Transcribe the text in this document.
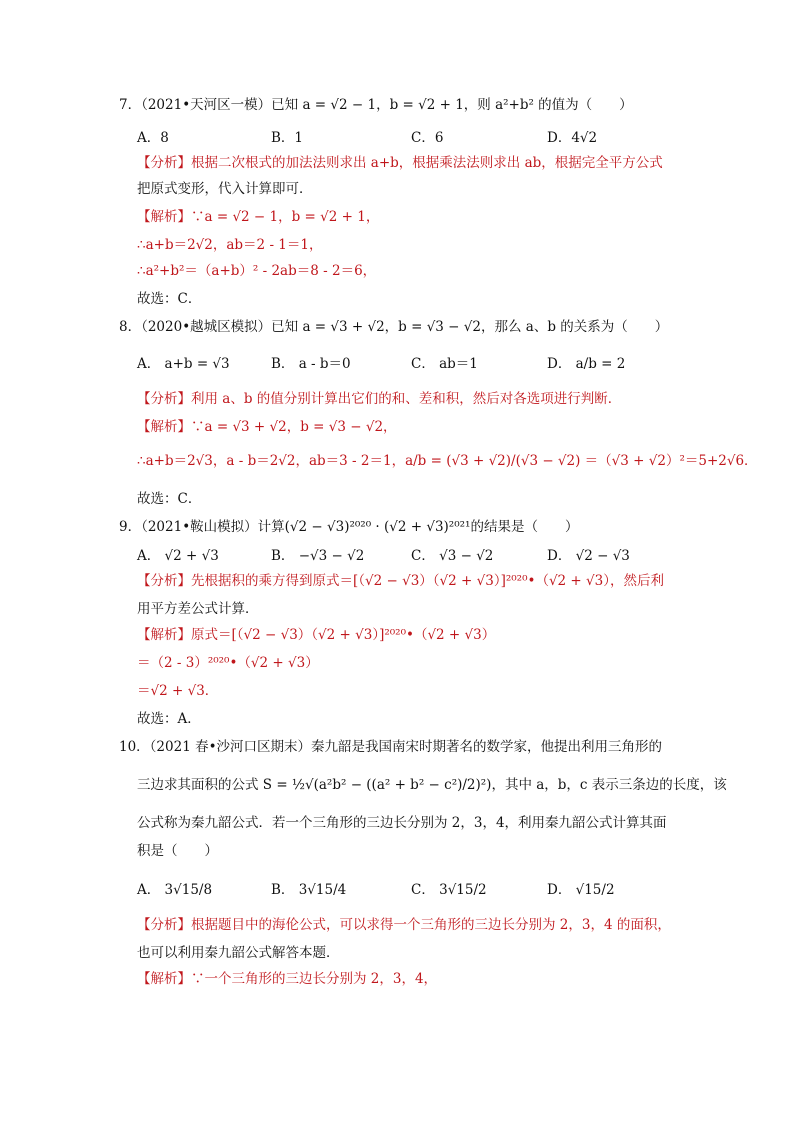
7．（2021•天河区一模）已知 a = √2 − 1，b = √2 + 1，则 a²+b² 的值为（　　）
A．8	B．1	C．6	D．4√2
【分析】根据二次根式的加法法则求出 a+b，根据乘法法则求出 ab，根据完全平方公式
把原式变形，代入计算即可．
【解析】∵a = √2 − 1，b = √2 + 1，
∴a+b＝2√2，ab＝2 - 1＝1，
∴a²+b²＝（a+b）² - 2ab＝8 - 2＝6，
故选：C．
8．（2020•越城区模拟）已知 a = √3 + √2，b = √3 − √2，那么 a、b 的关系为（　　）
A． a+b = √3	B． a - b＝0	C． ab＝1	D． a/b = 2
【分析】利用 a、b 的值分别计算出它们的和、差和积，然后对各选项进行判断．
【解析】∵a = √3 + √2，b = √3 − √2，
∴a+b＝2√3，a - b＝2√2，ab＝3 - 2＝1，a/b = (√3 + √2)/(√3 − √2) ＝（√3 + √2）²＝5+2√6．
故选：C．
9．（2021•鞍山模拟）计算(√2 − √3)²⁰²⁰ · (√2 + √3)²⁰²¹的结果是（　　）
A． √2 + √3	B． −√3 − √2	C． √3 − √2	D． √2 − √3
【分析】先根据积的乘方得到原式＝[（√2 − √3）（√2 + √3）]²⁰²⁰•（√2 + √3），然后利
用平方差公式计算．
【解析】原式＝[（√2 − √3）（√2 + √3）]²⁰²⁰•（√2 + √3）
＝（2 - 3）²⁰²⁰•（√2 + √3）
＝√2 + √3．
故选：A．
10．（2021 春•沙河口区期末）秦九韶是我国南宋时期著名的数学家，他提出利用三角形的
三边求其面积的公式 S = ½√(a²b² − ((a² + b² − c²)/2)²)，其中 a，b，c 表示三条边的长度，该
公式称为秦九韶公式．若一个三角形的三边长分别为 2，3，4，利用秦九韶公式计算其面
积是（　　）
A． 3√15/8	B． 3√15/4	C． 3√15/2	D． √15/2
【分析】根据题目中的海伦公式，可以求得一个三角形的三边长分别为 2，3，4 的面积，
也可以利用秦九韶公式解答本题．
【解析】∵一个三角形的三边长分别为 2，3，4，
